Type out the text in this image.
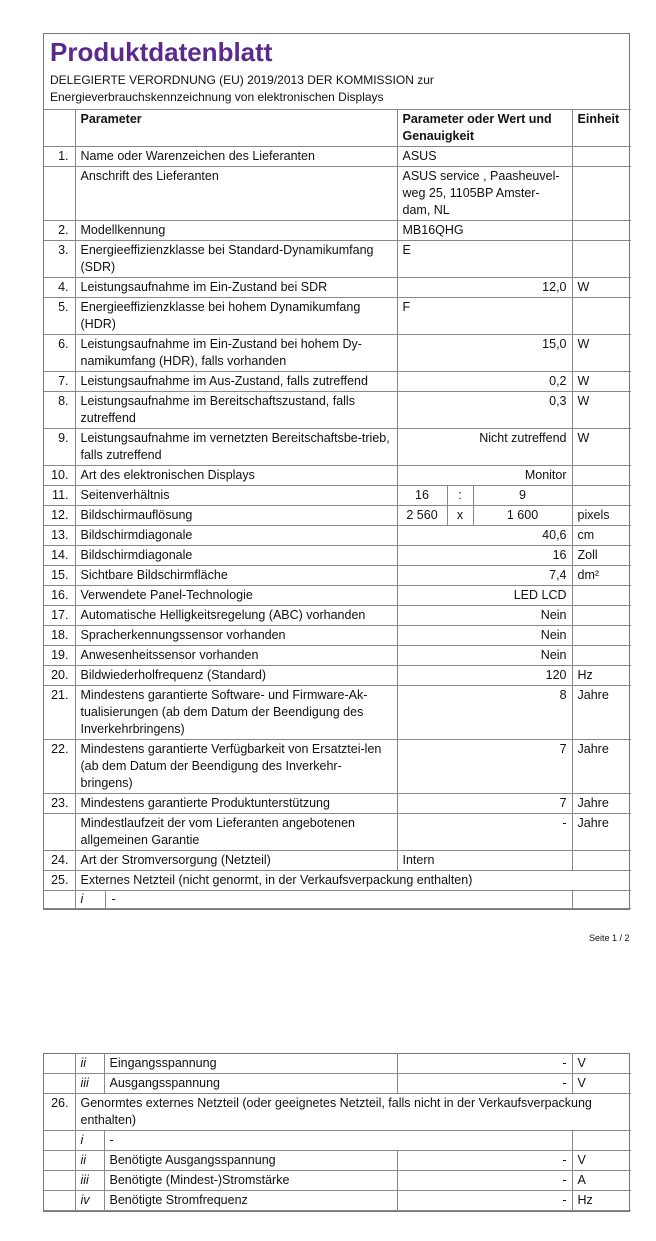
Produktdatenblatt
DELEGIERTE VERORDNUNG (EU) 2019/2013 DER KOMMISSION zur
Energieverbrauchskennzeichnung von elektronischen Displays
	Parameter	Parameter oder Wert und Genauigkeit			Einheit
1.	Name oder Warenzeichen des Lieferanten	ASUS			
	Anschrift des Lieferanten	ASUS service , Paasheuvel-weg 25, 1105BP Amster-dam, NL			
2.	Modellkennung	MB16QHG			
3.	Energieeffizienzklasse bei Standard-Dynamikumfang (SDR)	E			
4.	Leistungsaufnahme im Ein-Zustand bei SDR	12,0			W
5.	Energieeffizienzklasse bei hohem Dynamikumfang (HDR)	F			
6.	Leistungsaufnahme im Ein-Zustand bei hohem Dy-namikumfang (HDR), falls vorhanden	15,0			W
7.	Leistungsaufnahme im Aus-Zustand, falls zutreffend	0,2			W
8.	Leistungsaufnahme im Bereitschaftszustand, falls zutreffend	0,3			W
9.	Leistungsaufnahme im vernetzten Bereitschaftsbe-trieb, falls zutreffend	Nicht zutreffend			W
10.	Art des elektronischen Displays	Monitor			
11.	Seitenverhältnis	16	:	9	
12.	Bildschirmauflösung	2 560	x	1 600	pixels
13.	Bildschirmdiagonale	40,6			cm
14.	Bildschirmdiagonale	16			Zoll
15.	Sichtbare Bildschirmfläche	7,4			dm²
16.	Verwendete Panel-Technologie	LED LCD			
17.	Automatische Helligkeitsregelung (ABC) vorhanden	Nein			
18.	Spracherkennungssensor vorhanden	Nein			
19.	Anwesenheitssensor vorhanden	Nein			
20.	Bildwiederholfrequenz (Standard)	120			Hz
21.	Mindestens garantierte Software- und Firmware-Ak-tualisierungen (ab dem Datum der Beendigung des Inverkehrbringens)	8			Jahre
22.	Mindestens garantierte Verfügbarkeit von Ersatztei-len (ab dem Datum der Beendigung des Inverkehr-bringens)	7			Jahre
23.	Mindestens garantierte Produktunterstützung	7			Jahre
	Mindestlaufzeit der vom Lieferanten angebotenen allgemeinen Garantie	-			Jahre
24.	Art der Stromversorgung (Netzteil)	Intern			
25.	Externes Netzteil (nicht genormt, in der Verkaufsverpackung enthalten)				
	i -				
Seite 1 / 2
	ii	Eingangsspannung	-	V
	iii	Ausgangsspannung	-	V
26.	Genormtes externes Netzteil (oder geeignetes Netzteil, falls nicht in der Verkaufsverpackung enthalten)			
	i	-		
	ii	Benötigte Ausgangsspannung	-	V
	iii	Benötigte (Mindest-)Stromstärke	-	A
	iv	Benötigte Stromfrequenz	-	Hz
